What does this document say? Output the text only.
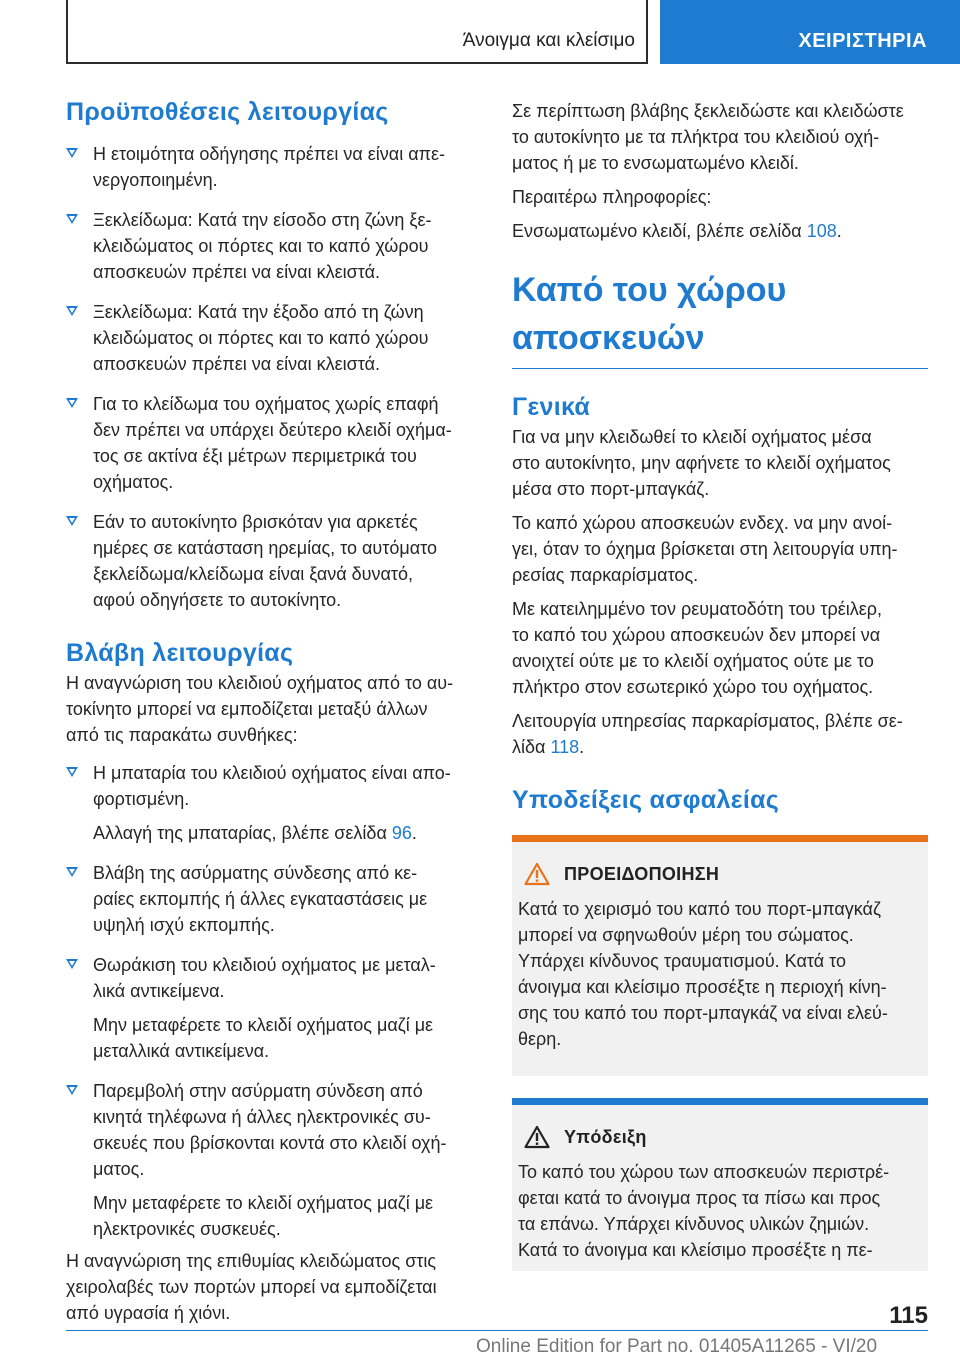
Άνοιγμα και κλείσιμο	ΧΕΙΡΙΣΤΗΡΙΑ
Προϋποθέσεις λειτουργίας

Η ετοιμότητα οδήγησης πρέπει να είναι απε-
νεργοποιημένη.

Ξεκλείδωμα: Κατά την είσοδο στη ζώνη ξε-
κλειδώματος οι πόρτες και το καπό χώρου
αποσκευών πρέπει να είναι κλειστά.

Ξεκλείδωμα: Κατά την έξοδο από τη ζώνη
κλειδώματος οι πόρτες και το καπό χώρου
αποσκευών πρέπει να είναι κλειστά.

Για το κλείδωμα του οχήματος χωρίς επαφή
δεν πρέπει να υπάρχει δεύτερο κλειδί οχήμα-
τος σε ακτίνα έξι μέτρων περιμετρικά του
οχήματος.

Εάν το αυτοκίνητο βρισκόταν για αρκετές
ημέρες σε κατάσταση ηρεμίας, το αυτόματο
ξεκλείδωμα/κλείδωμα είναι ξανά δυνατό,
αφού οδηγήσετε το αυτοκίνητο.

Βλάβη λειτουργίας

Η αναγνώριση του κλειδιού οχήματος από το αυ-
τοκίνητο μπορεί να εμποδίζεται μεταξύ άλλων
από τις παρακάτω συνθήκες:

Η μπαταρία του κλειδιού οχήματος είναι απο-
φορτισμένη.

Αλλαγή της μπαταρίας, βλέπε σελίδα 96.

Βλάβη της ασύρματης σύνδεσης από κε-
ραίες εκπομπής ή άλλες εγκαταστάσεις με
υψηλή ισχύ εκπομπής.

Θωράκιση του κλειδιού οχήματος με μεταλ-
λικά αντικείμενα.

Μην μεταφέρετε το κλειδί οχήματος μαζί με
μεταλλικά αντικείμενα.

Παρεμβολή στην ασύρματη σύνδεση από
κινητά τηλέφωνα ή άλλες ηλεκτρονικές συ-
σκευές που βρίσκονται κοντά στο κλειδί οχή-
ματος.

Μην μεταφέρετε το κλειδί οχήματος μαζί με
ηλεκτρονικές συσκευές.

Η αναγνώριση της επιθυμίας κλειδώματος στις
χειρολαβές των πορτών μπορεί να εμποδίζεται
από υγρασία ή χιόνι.

Σε περίπτωση βλάβης ξεκλειδώστε και κλειδώστε
το αυτοκίνητο με τα πλήκτρα του κλειδιού οχή-
ματος ή με το ενσωματωμένο κλειδί.

Περαιτέρω πληροφορίες:

Ενσωματωμένο κλειδί, βλέπε σελίδα 108.

Καπό του χώρου
αποσκευών
Γενικά

Για να μην κλειδωθεί το κλειδί οχήματος μέσα
στο αυτοκίνητο, μην αφήνετε το κλειδί οχήματος
μέσα στο πορτ-μπαγκάζ.

Το καπό χώρου αποσκευών ενδεχ. να μην ανοί-
γει, όταν το όχημα βρίσκεται στη λειτουργία υπη-
ρεσίας παρκαρίσματος.

Με κατειλημμένο τον ρευματοδότη του τρέιλερ,
το καπό του χώρου αποσκευών δεν μπορεί να
ανοιχτεί ούτε με το κλειδί οχήματος ούτε με το
πλήκτρο στον εσωτερικό χώρο του οχήματος.

Λειτουργία υπηρεσίας παρκαρίσματος, βλέπε σε-
λίδα 118.

Υποδείξεις ασφαλείας
ΠΡΟΕΙΔΟΠΟΙΗΣΗ

Κατά το χειρισμό του καπό του πορτ-μπαγκάζ
μπορεί να σφηνωθούν μέρη του σώματος.
Υπάρχει κίνδυνος τραυματισμού. Κατά το
άνοιγμα και κλείσιμο προσέξτε η περιοχή κίνη-
σης του καπό του πορτ-μπαγκάζ να είναι ελεύ-
θερη.

Υπόδειξη

Το καπό του χώρου των αποσκευών περιστρέ-
φεται κατά το άνοιγμα προς τα πίσω και προς
τα επάνω. Υπάρχει κίνδυνος υλικών ζημιών.
Κατά το άνοιγμα και κλείσιμο προσέξτε η πε-

115
Online Edition for Part no. 01405A11265 - VI/20
